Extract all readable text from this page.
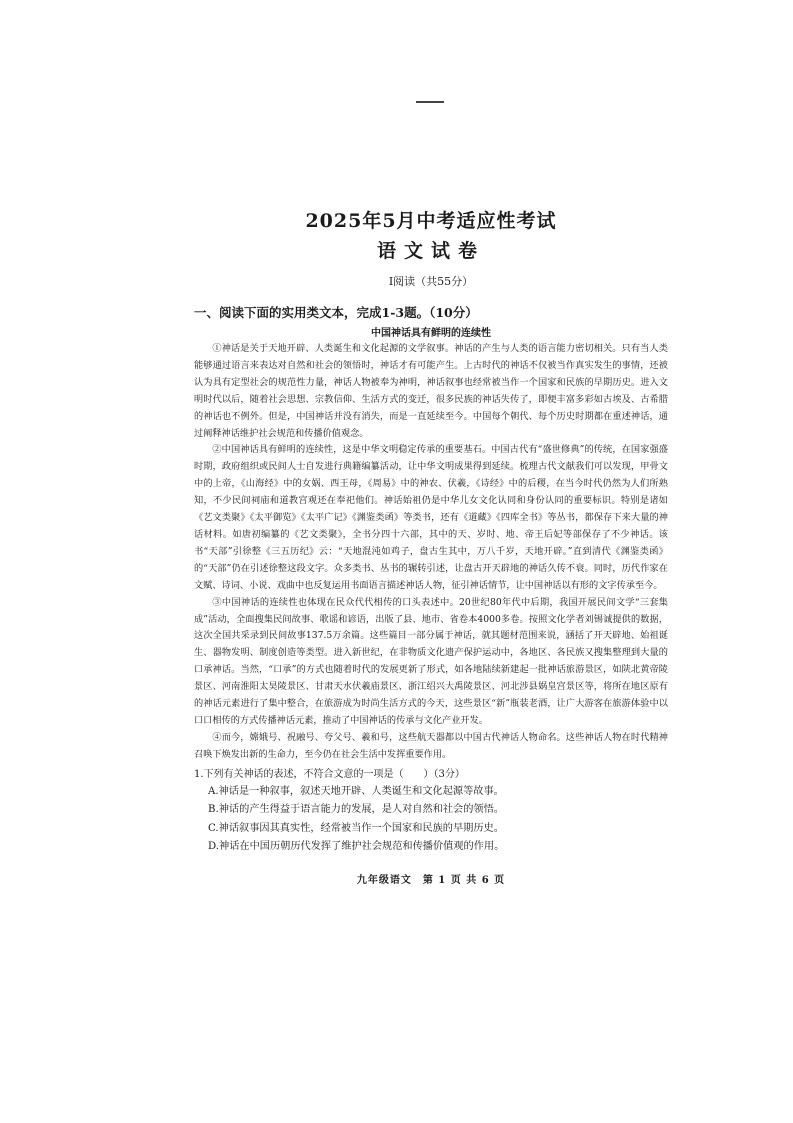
2025年5月中考适应性考试
语文试卷
Ⅰ阅读（共55分）
一、阅读下面的实用类文本，完成1-3题。（10分）
中国神话具有鲜明的连续性

①神话是关于天地开辟、人类诞生和文化起源的文学叙事。神话的产生与人类的语言能力密切相关。只有当人类能够通过语言来表达对自然和社会的领悟时，神话才有可能产生。上古时代的神话不仅被当作真实发生的事情，还被认为具有定型社会的规范性力量，神话人物被奉为神明，神话叙事也经常被当作一个国家和民族的早期历史。进入文明时代以后，随着社会思想、宗教信仰、生活方式的变迁，很多民族的神话失传了，即便丰富多彩如古埃及、古希腊的神话也不例外。但是，中国神话并没有消失，而是一直延续至今。中国每个朝代、每个历史时期都在重述神话，通过阐释神话维护社会规范和传播价值观念。

②中国神话具有鲜明的连续性，这是中华文明稳定传承的重要基石。中国古代有“盛世修典”的传统，在国家强盛时期，政府组织或民间人士自发进行典籍编纂活动，让中华文明成果得到延续。梳理古代文献我们可以发现，甲骨文中的上帝，《山海经》中的女娲、西王母，《周易》中的神农、伏羲，《诗经》中的后稷，在当今时代仍然为人们所熟知，不少民间祠庙和道教宫观还在奉祀他们。神话始祖仍是中华儿女文化认同和身份认同的重要标识。特别是诸如《艺文类聚》《太平御览》《太平广记》《渊鉴类函》等类书，还有《道藏》《四库全书》等丛书，都保存下来大量的神话材料。如唐初编纂的《艺文类聚》，全书分四十六部，其中的天、岁时、地、帝王后妃等部保存了不少神话。该书“天部”引徐整《三五历纪》云：“天地混沌如鸡子，盘古生其中，万八千岁，天地开辟。”直到清代《渊鉴类函》的“天部”仍在引述徐整这段文字。众多类书、丛书的辗转引述，让盘古开天辟地的神话久传不衰。同时，历代作家在文赋、诗词、小说、戏曲中也反复运用书面语言描述神话人物，征引神话情节，让中国神话以有形的文字传承至今。

③中国神话的连续性也体现在民众代代相传的口头表述中。20世纪80年代中后期，我国开展民间文学“三套集成”活动，全面搜集民间故事、歌谣和谚语，出版了县、地市、省卷本4000多卷。按照文化学者刘锡诚提供的数据，这次全国共采录到民间故事137.5万余篇。这些篇目一部分属于神话，就其题材范围来说，涵括了开天辟地、始祖诞生、器物发明、制度创造等类型。进入新世纪，在非物质文化遗产保护运动中，各地区、各民族又搜集整理到大量的口承神话。当然，“口承”的方式也随着时代的发展更新了形式，如各地陆续新建起一批神话旅游景区，如陕北黄帝陵景区、河南淮阳太昊陵景区、甘肃天水伏羲庙景区、浙江绍兴大禹陵景区、河北涉县娲皇宫景区等，将所在地区原有的神话元素进行了集中整合，在旅游成为时尚生活方式的今天，这些景区“新”瓶装老酒，让广大游客在旅游体验中以口口相传的方式传播神话元素，推动了中国神话的传承与文化产业开发。

④而今，嫦娥号、祝融号、夸父号、羲和号，这些航天器都以中国古代神话人物命名。这些神话人物在时代精神召唤下焕发出新的生命力，至今仍在社会生活中发挥重要作用。

1.下列有关神话的表述，不符合文意的一项是（　　）（3分）
A.神话是一种叙事，叙述天地开辟、人类诞生和文化起源等故事。
B.神话的产生得益于语言能力的发展，是人对自然和社会的领悟。
C.神话叙事因其真实性，经常被当作一个国家和民族的早期历史。
D.神话在中国历朝历代发挥了维护社会规范和传播价值观的作用。
九年级语文　第 1 页 共 6 页
